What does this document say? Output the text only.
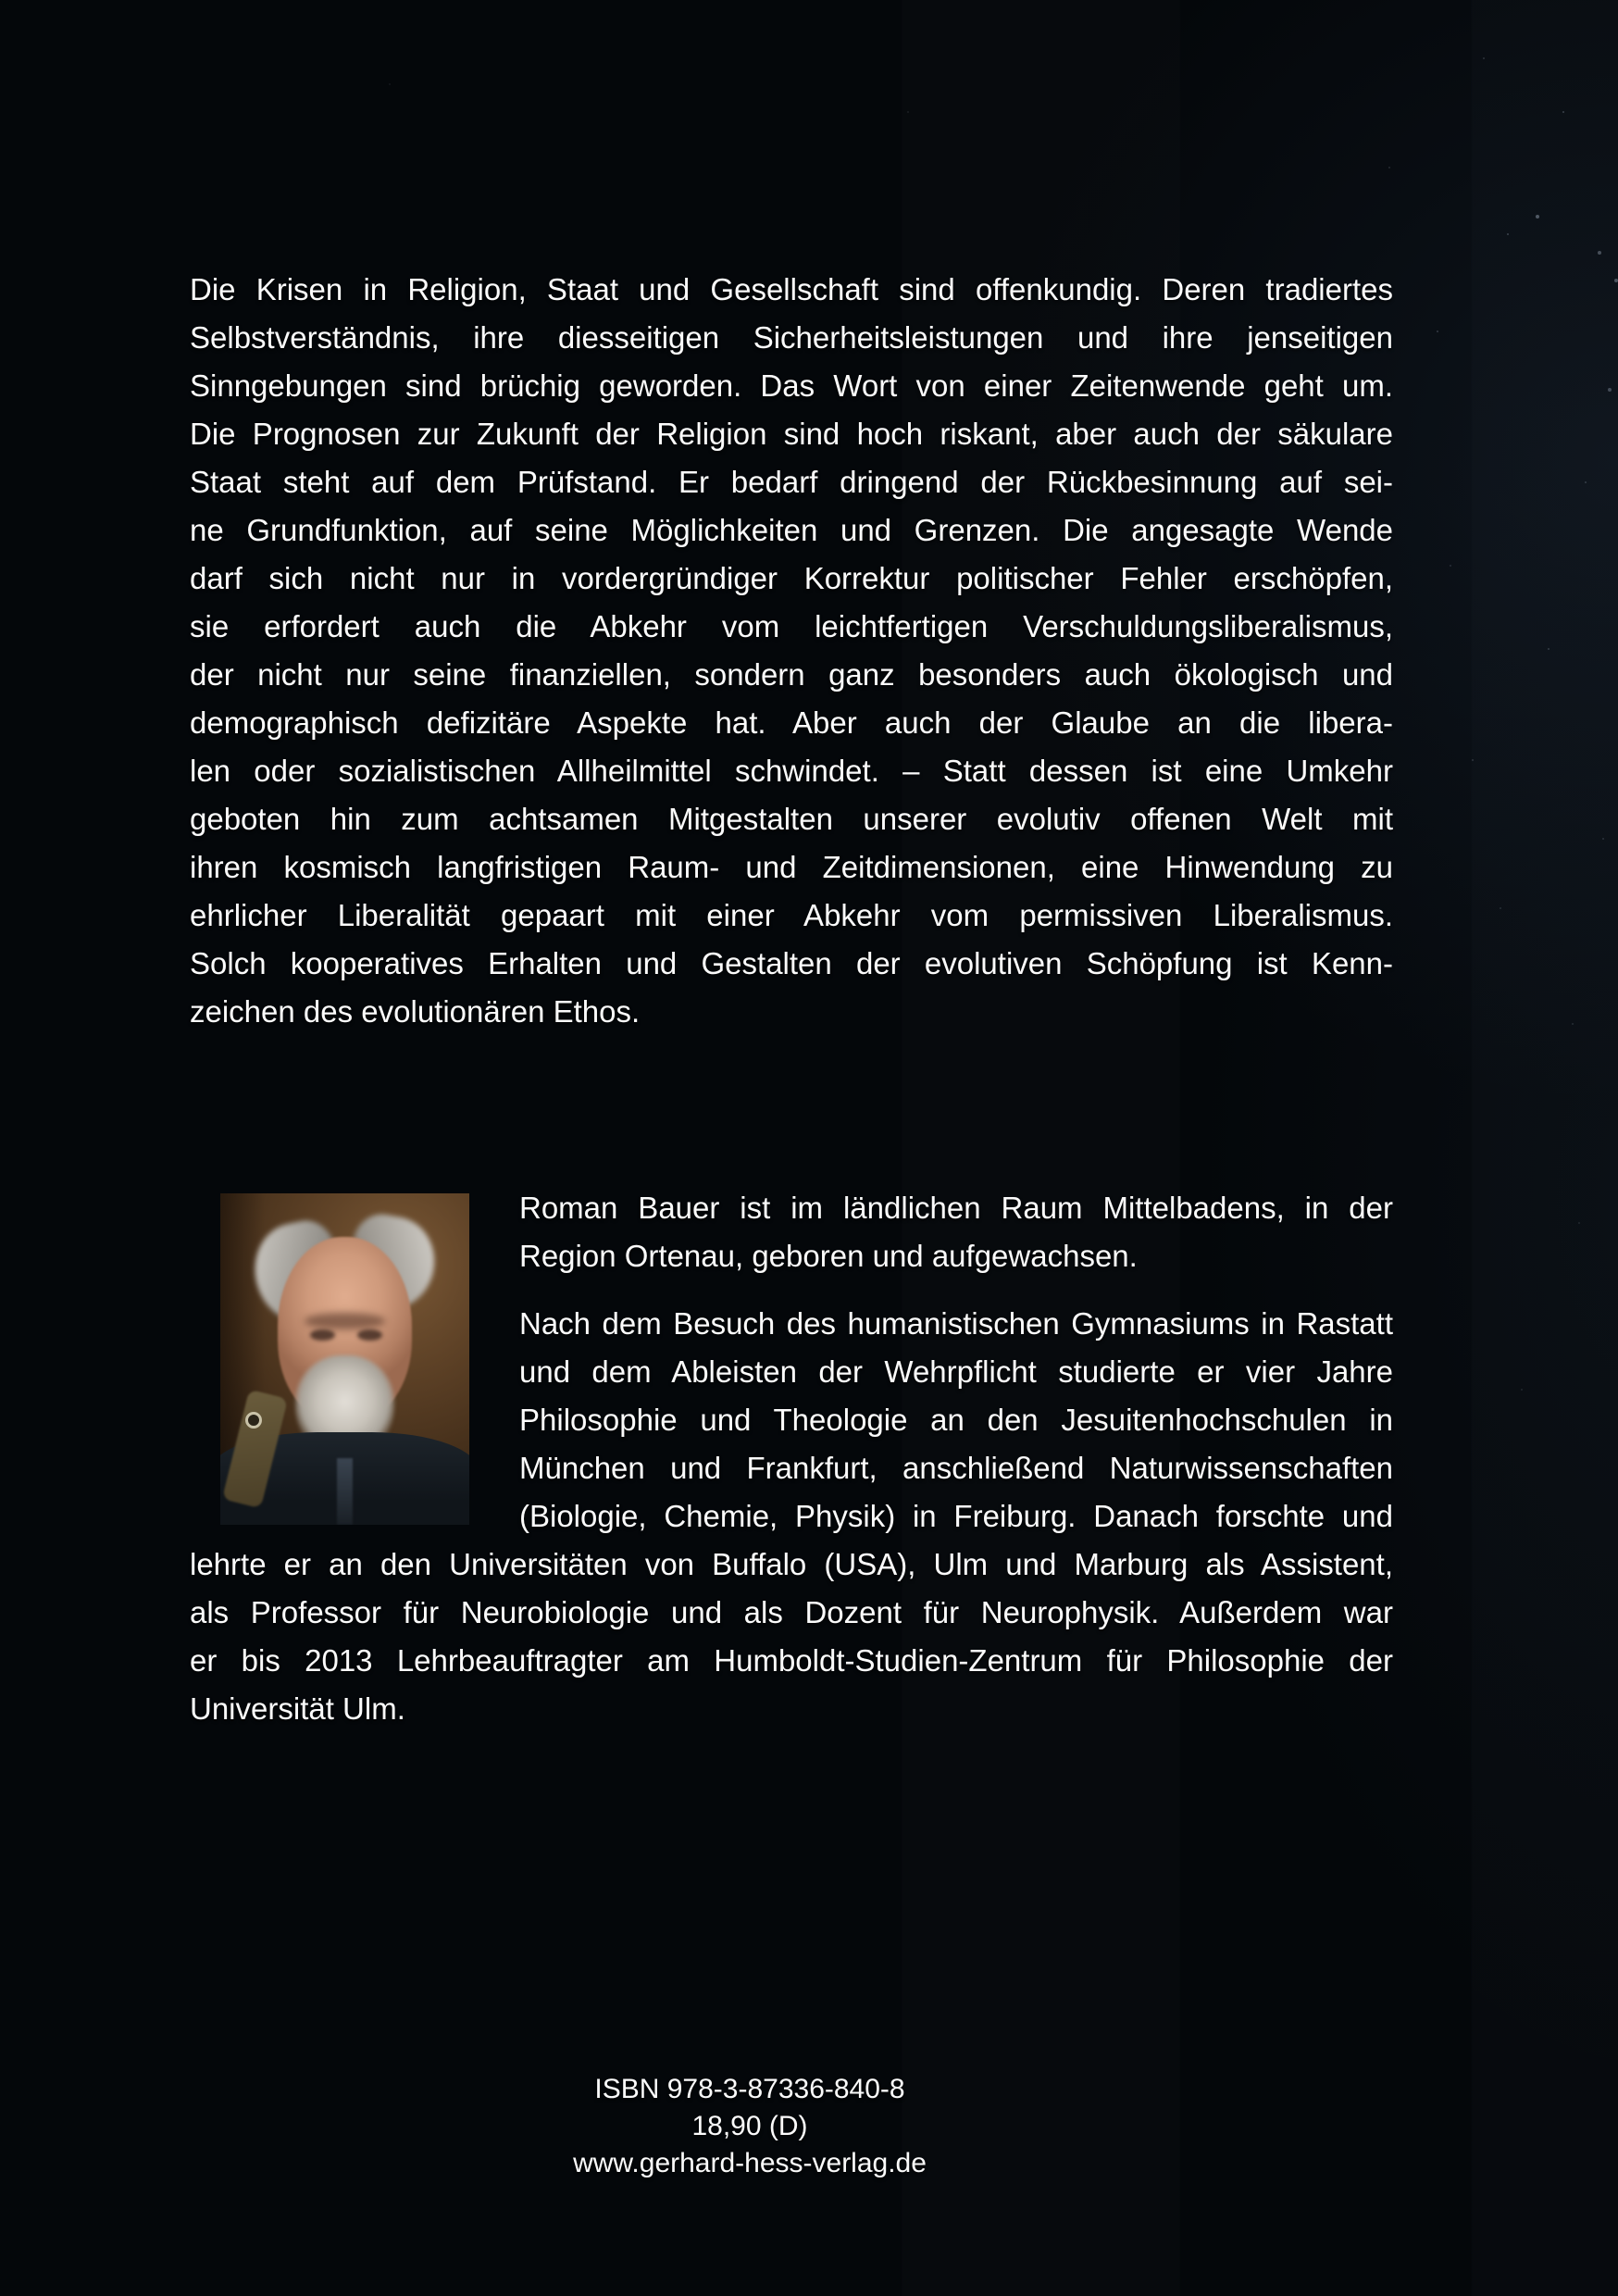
Die Krisen in Religion, Staat und Gesellschaft sind offenkundig. Deren tradiertes
Selbstverständnis, ihre diesseitigen Sicherheitsleistungen und ihre jenseitigen
Sinngebungen sind brüchig geworden. Das Wort von einer Zeitenwende geht um.
Die Prognosen zur Zukunft der Religion sind hoch riskant, aber auch der säkulare
Staat steht auf dem Prüfstand. Er bedarf dringend der Rückbesinnung auf sei-
ne Grundfunktion, auf seine Möglichkeiten und Grenzen. Die angesagte Wende
darf sich nicht nur in vordergründiger Korrektur politischer Fehler erschöpfen,
sie erfordert auch die Abkehr vom leichtfertigen Verschuldungsliberalismus,
der nicht nur seine finanziellen, sondern ganz besonders auch ökologisch und
demographisch defizitäre Aspekte hat. Aber auch der Glaube an die libera-
len oder sozialistischen Allheilmittel schwindet. – Statt dessen ist eine Umkehr
geboten hin zum achtsamen Mitgestalten unserer evolutiv offenen Welt mit
ihren kosmisch langfristigen Raum- und Zeitdimensionen, eine Hinwendung zu
ehrlicher Liberalität gepaart mit einer Abkehr vom permissiven Liberalismus.
Solch kooperatives Erhalten und Gestalten der evolutiven Schöpfung ist Kenn-
zeichen des evolutionären Ethos.
Roman Bauer ist im ländlichen Raum Mittelbadens, in der
Region Ortenau, geboren und aufgewachsen.
Nach dem Besuch des humanistischen Gymnasiums in Rastatt
und dem Ableisten der Wehrpflicht studierte er vier Jahre
Philosophie und Theologie an den Jesuitenhochschulen in
München und Frankfurt, anschließend Naturwissenschaften
(Biologie, Chemie, Physik) in Freiburg. Danach forschte und
lehrte er an den Universitäten von Buffalo (USA), Ulm und Marburg als Assistent,
als Professor für Neurobiologie und als Dozent für Neurophysik. Außerdem war
er bis 2013 Lehrbeauftragter am Humboldt-Studien-Zentrum für Philosophie der
Universität Ulm.
ISBN 978-3-87336-840-8
18,90 (D)
www.gerhard-hess-verlag.de
